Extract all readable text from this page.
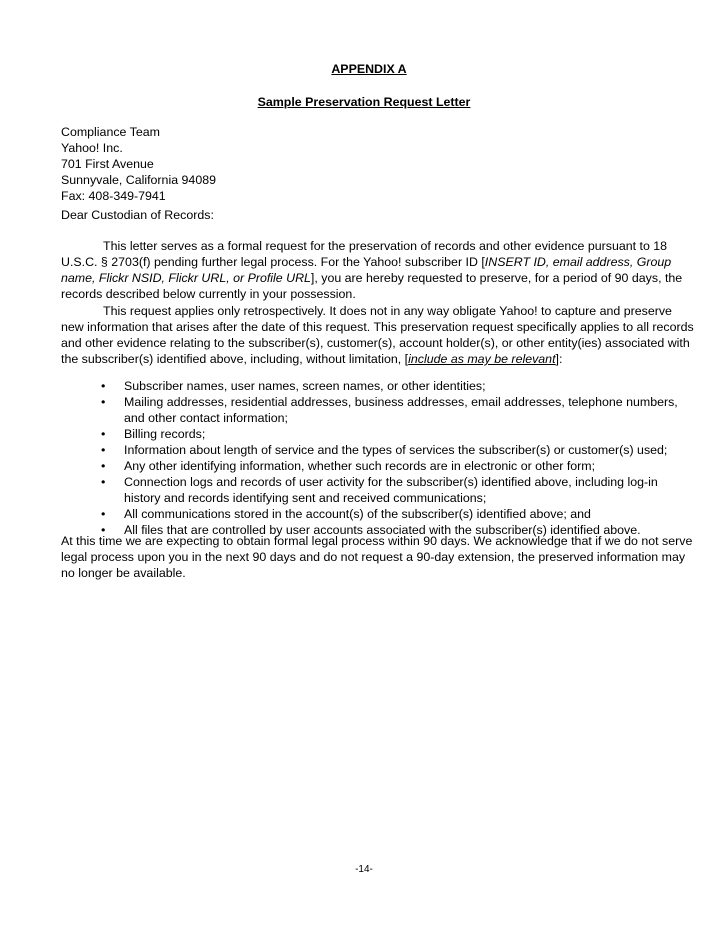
APPENDIX A
Sample Preservation Request Letter
Compliance Team
Yahoo! Inc.
701 First Avenue
Sunnyvale, California 94089
Fax: 408-349-7941
Dear Custodian of Records:
This letter serves as a formal request for the preservation of records and other evidence pursuant to 18
U.S.C. § 2703(f) pending further legal process. For the Yahoo! subscriber ID [INSERT ID, email address, Group
name, Flickr NSID, Flickr URL, or Profile URL], you are hereby requested to preserve, for a period of 90 days, the
records described below currently in your possession.
This request applies only retrospectively. It does not in any way obligate Yahoo! to capture and preserve
new information that arises after the date of this request. This preservation request specifically applies to all records
and other evidence relating to the subscriber(s), customer(s), account holder(s), or other entity(ies) associated with
the subscriber(s) identified above, including, without limitation, [include as may be relevant]:
• Subscriber names, user names, screen names, or other identities;
• Mailing addresses, residential addresses, business addresses, email addresses, telephone numbers,
and other contact information;
• Billing records;
• Information about length of service and the types of services the subscriber(s) or customer(s) used;
• Any other identifying information, whether such records are in electronic or other form;
• Connection logs and records of user activity for the subscriber(s) identified above, including log-in
history and records identifying sent and received communications;
• All communications stored in the account(s) of the subscriber(s) identified above; and
• All files that are controlled by user accounts associated with the subscriber(s) identified above.
At this time we are expecting to obtain formal legal process within 90 days. We acknowledge that if we do not serve
legal process upon you in the next 90 days and do not request a 90-day extension, the preserved information may
no longer be available.
-14-
